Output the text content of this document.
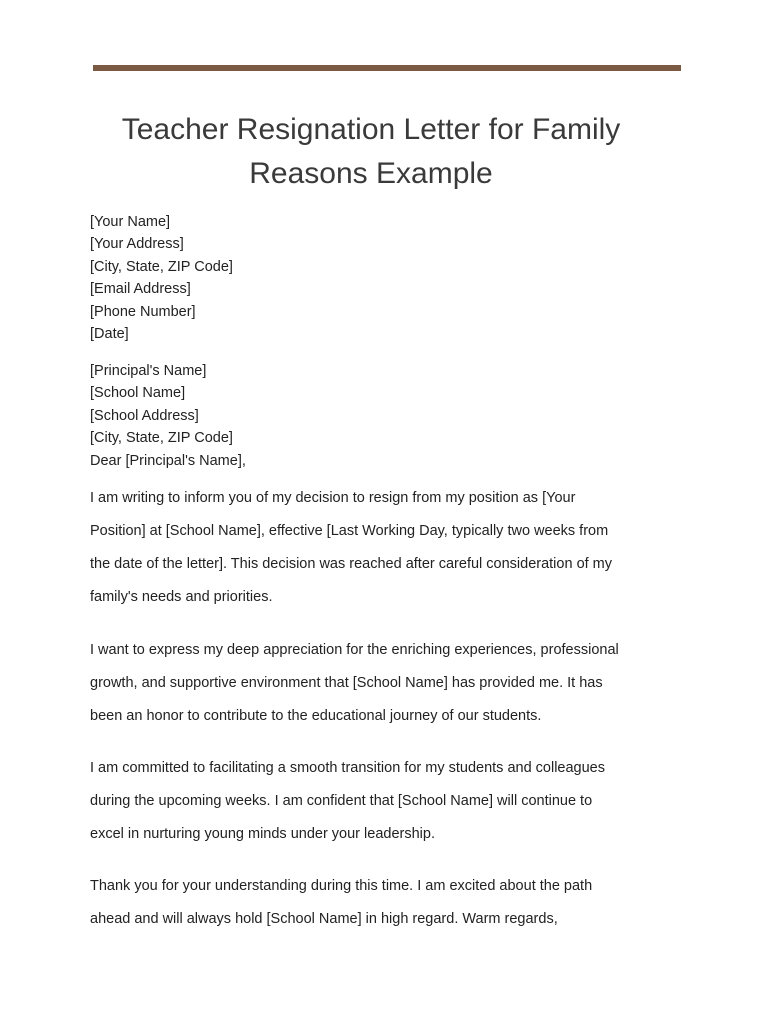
Teacher Resignation Letter for Family
Reasons Example
[Your Name]
[Your Address]
[City, State, ZIP Code]
[Email Address]
[Phone Number]
[Date]
[Principal's Name]
[School Name]
[School Address]
[City, State, ZIP Code]
Dear [Principal's Name],
I am writing to inform you of my decision to resign from my position as [Your
Position] at [School Name], effective [Last Working Day, typically two weeks from
the date of the letter]. This decision was reached after careful consideration of my
family's needs and priorities.
I want to express my deep appreciation for the enriching experiences, professional
growth, and supportive environment that [School Name] has provided me. It has
been an honor to contribute to the educational journey of our students.
I am committed to facilitating a smooth transition for my students and colleagues
during the upcoming weeks. I am confident that [School Name] will continue to
excel in nurturing young minds under your leadership.
Thank you for your understanding during this time. I am excited about the path
ahead and will always hold [School Name] in high regard. Warm regards,
